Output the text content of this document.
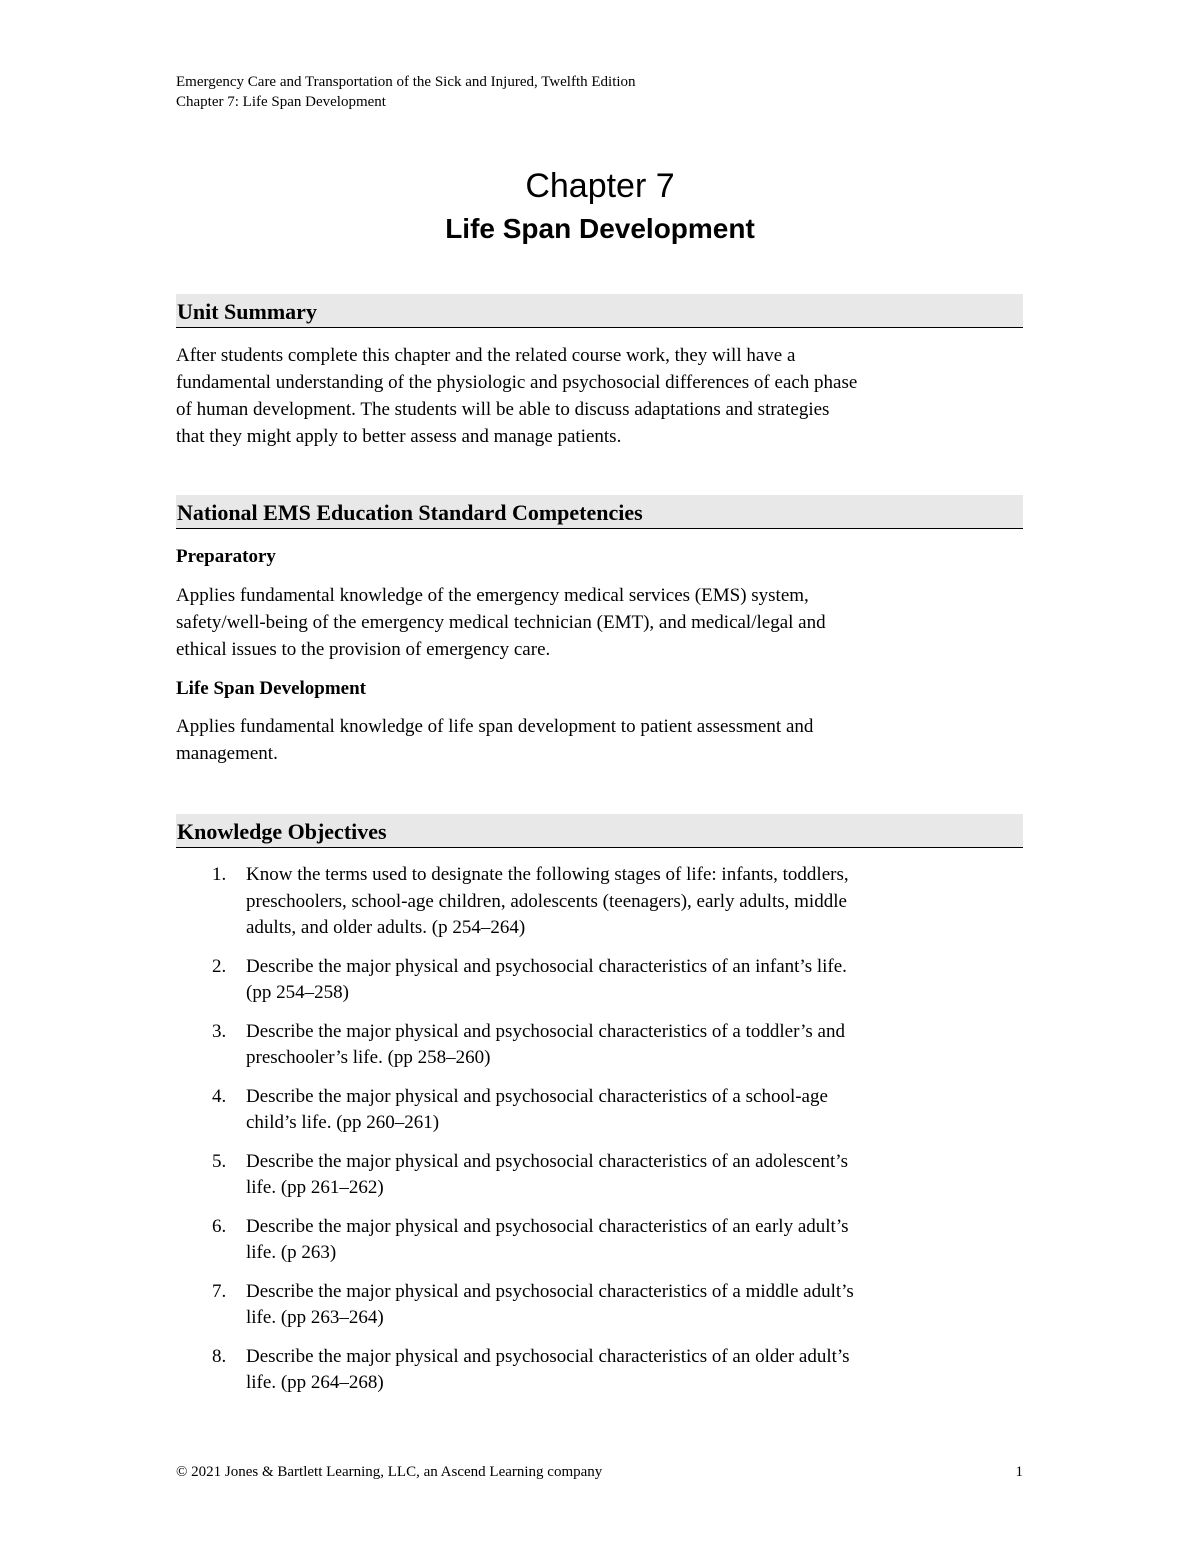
Emergency Care and Transportation of the Sick and Injured, Twelfth Edition
Chapter 7: Life Span Development
Chapter 7
Life Span Development
Unit Summary
After students complete this chapter and the related course work, they will have a
fundamental understanding of the physiologic and psychosocial differences of each phase
of human development. The students will be able to discuss adaptations and strategies
that they might apply to better assess and manage patients.
National EMS Education Standard Competencies
Preparatory
Applies fundamental knowledge of the emergency medical services (EMS) system,
safety/well-being of the emergency medical technician (EMT), and medical/legal and
ethical issues to the provision of emergency care.
Life Span Development
Applies fundamental knowledge of life span development to patient assessment and
management.
Knowledge Objectives
1. Know the terms used to designate the following stages of life: infants, toddlers,
preschoolers, school-age children, adolescents (teenagers), early adults, middle
adults, and older adults. (p 254–264)
2. Describe the major physical and psychosocial characteristics of an infant’s life.
(pp 254–258)
3. Describe the major physical and psychosocial characteristics of a toddler’s and
preschooler’s life. (pp 258–260)
4. Describe the major physical and psychosocial characteristics of a school-age
child’s life. (pp 260–261)
5. Describe the major physical and psychosocial characteristics of an adolescent’s
life. (pp 261–262)
6. Describe the major physical and psychosocial characteristics of an early adult’s
life. (p 263)
7. Describe the major physical and psychosocial characteristics of a middle adult’s
life. (pp 263–264)
8. Describe the major physical and psychosocial characteristics of an older adult’s
life. (pp 264–268)
© 2021 Jones & Bartlett Learning, LLC, an Ascend Learning company	1
